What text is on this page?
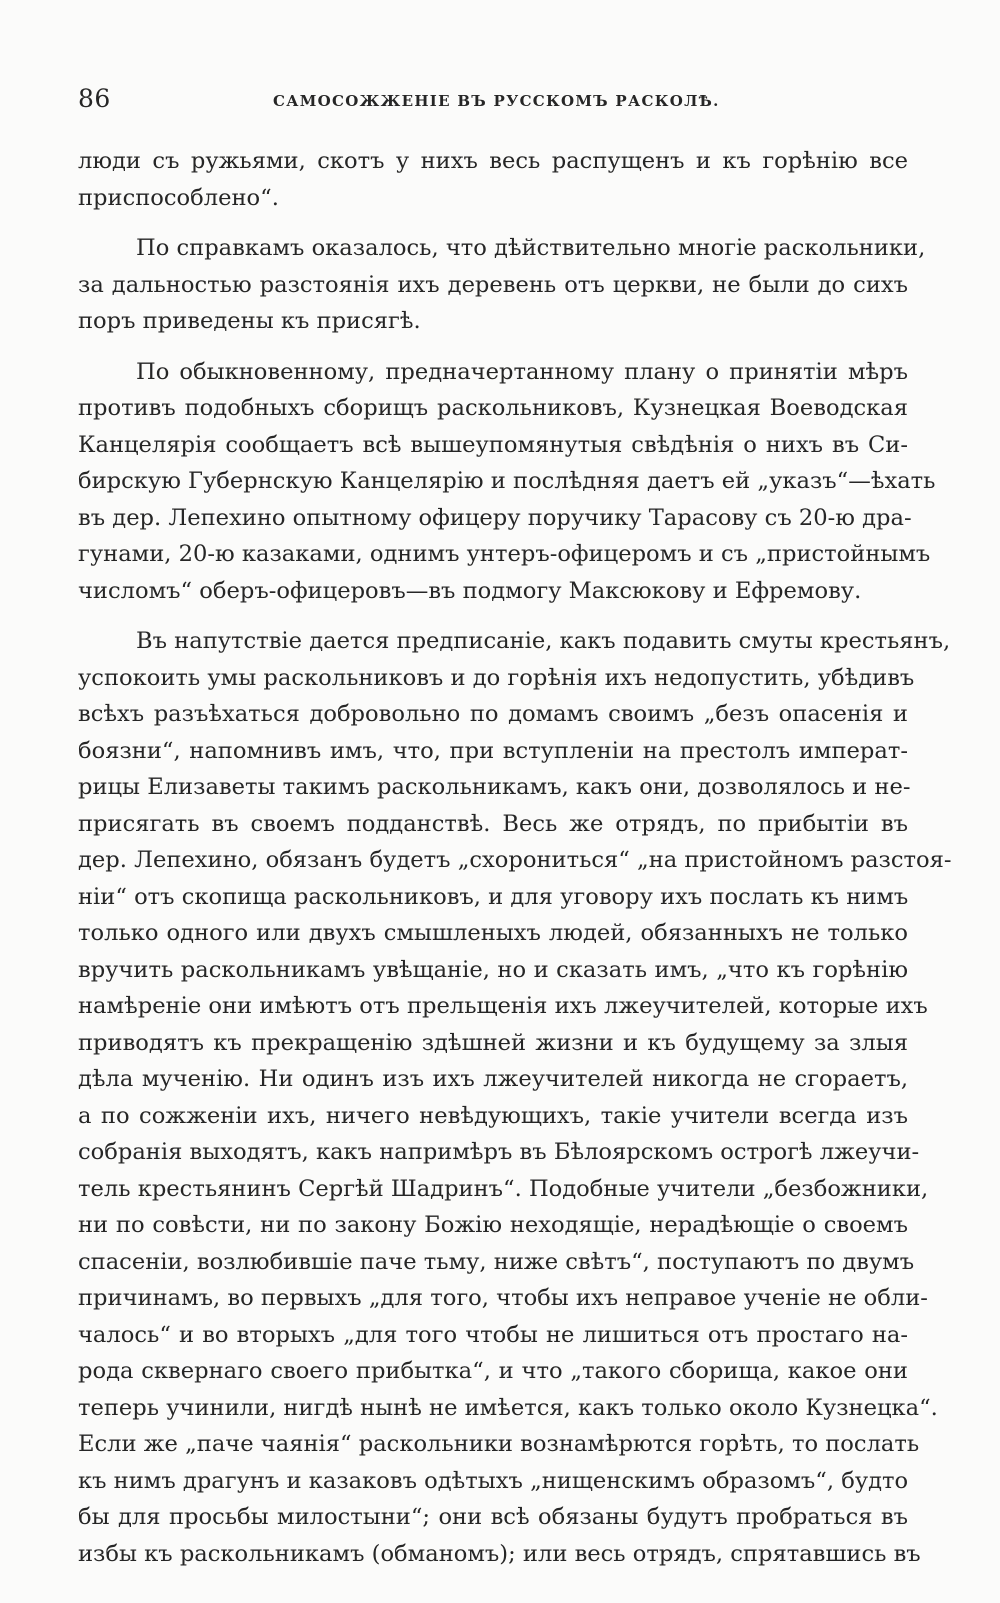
86	САМОСОЖЖЕНІЕ ВЪ РУССКОМЪ РАСКОЛѢ.

люди съ ружьями, скотъ у нихъ весь распущенъ и къ горѣнію все
приспособлено“.

По справкамъ оказалось, что дѣйствительно многіе раскольники,
за дальностью разстоянія ихъ деревень отъ церкви, не были до сихъ
поръ приведены къ присягѣ.

По обыкновенному, предначертанному плану о принятіи мѣръ
противъ подобныхъ сборищъ раскольниковъ, Кузнецкая Воеводская
Канцелярія сообщаетъ всѣ вышеупомянутыя свѣдѣнія о нихъ въ Си-
бирскую Губернскую Канцелярію и послѣдняя даетъ ей „указъ“—ѣхать
въ дер. Лепехино опытному офицеру поручику Тарасову съ 20-ю дра-
гунами, 20-ю казаками, однимъ унтеръ-офицеромъ и съ „пристойнымъ
числомъ“ оберъ-офицеровъ—въ подмогу Максюкову и Ефремову.

Въ напутствіе дается предписаніе, какъ подавить смуты крестьянъ,
успокоить умы раскольниковъ и до горѣнія ихъ недопустить, убѣдивъ
всѣхъ разъѣхаться добровольно по домамъ своимъ „безъ опасенія и
боязни“, напомнивъ имъ, что, при вступленіи на престолъ императ-
рицы Елизаветы такимъ раскольникамъ, какъ они, дозволялось и не-
присягать въ своемъ подданствѣ. Весь же отрядъ, по прибытіи въ
дер. Лепехино, обязанъ будетъ „схорониться“ „на пристойномъ разстоя-
ніи“ отъ скопища раскольниковъ, и для уговору ихъ послать къ нимъ
только одного или двухъ смышленыхъ людей, обязанныхъ не только
вручить раскольникамъ увѣщаніе, но и сказать имъ, „что къ горѣнію
намѣреніе они имѣютъ отъ прельщенія ихъ лжеучителей, которые ихъ
приводятъ къ прекращенію здѣшней жизни и къ будущему за злыя
дѣла мученію. Ни одинъ изъ ихъ лжеучителей никогда не сгораетъ,
а по сожженіи ихъ, ничего невѣдующихъ, такіе учители всегда изъ
собранія выходятъ, какъ напримѣръ въ Бѣлоярскомъ острогѣ лжеучи-
тель крестьянинъ Сергѣй Шадринъ“. Подобные учители „безбожники,
ни по совѣсти, ни по закону Божію неходящіе, нерадѣющіе о своемъ
спасеніи, возлюбившіе паче тьму, ниже свѣтъ“, поступаютъ по двумъ
причинамъ, во первыхъ „для того, чтобы ихъ неправое ученіе не обли-
чалось“ и во вторыхъ „для того чтобы не лишиться отъ простаго на-
рода сквернаго своего прибытка“, и что „такого сборища, какое они
теперь учинили, нигдѣ нынѣ не имѣется, какъ только около Кузнецка“.
Если же „паче чаянія“ раскольники вознамѣрются горѣть, то послать
къ нимъ драгунъ и казаковъ одѣтыхъ „нищенскимъ образомъ“, будто
бы для просьбы милостыни“; они всѣ обязаны будутъ пробраться въ
избы къ раскольникамъ (обманомъ); или весь отрядъ, спрятавшись въ
